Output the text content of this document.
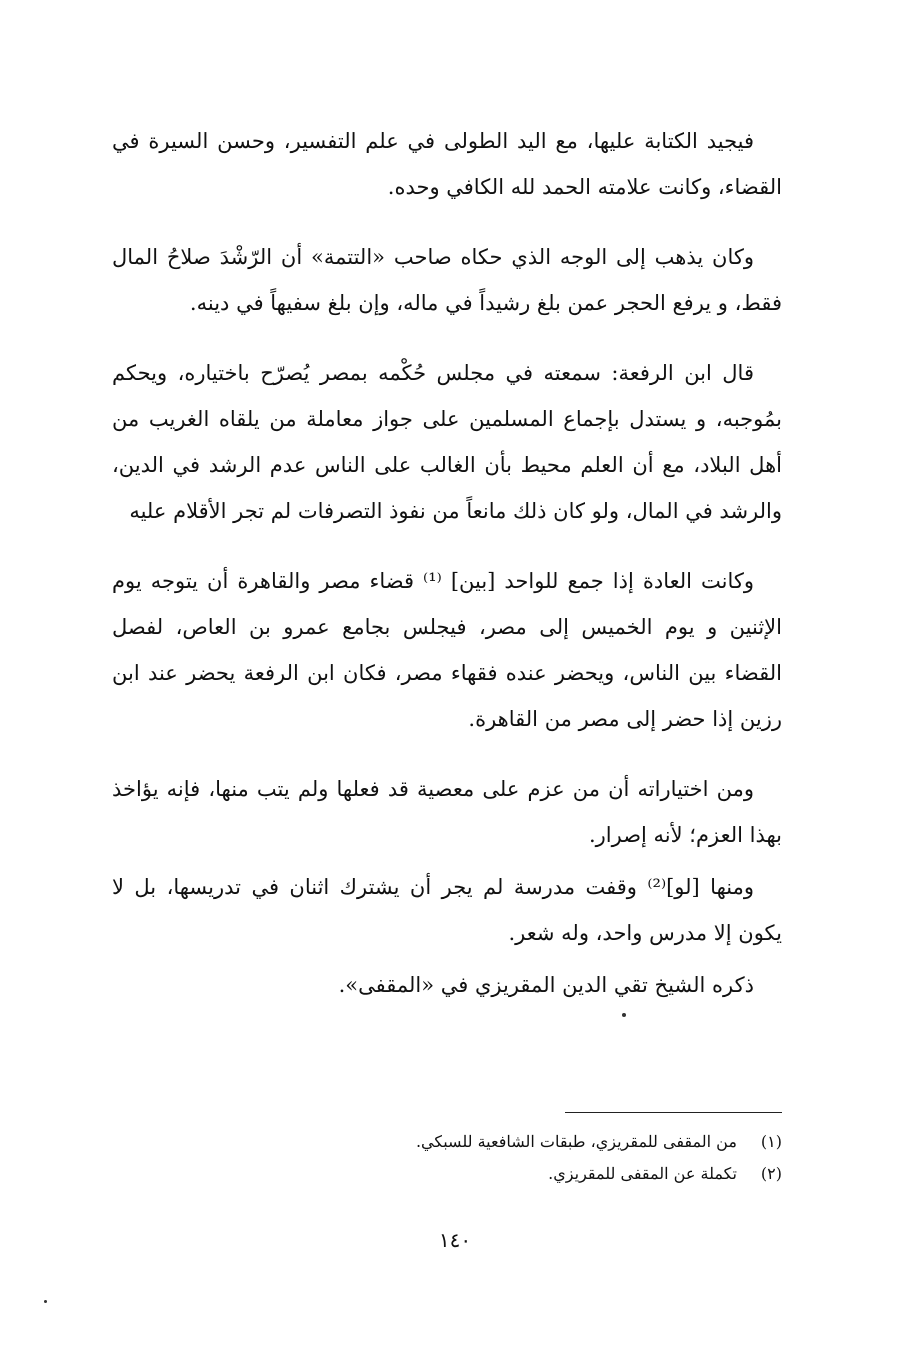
فيجيد الكتابة عليها، مع اليد الطولى في علم التفسير، وحسن السيرة في القضاء، وكانت علامته الحمد لله الكافي وحده.

وكان يذهب إلى الوجه الذي حكاه صاحب «التتمة» أن الرّشْدَ صلاحُ المال فقط، و يرفع الحجر عمن بلغ رشيداً في ماله، وإن بلغ سفيهاً في دينه.

قال ابن الرفعة: سمعته في مجلس حُكْمه بمصر يُصرّح باختياره، ويحكم بمُوجبه، و يستدل بإجماع المسلمين على جواز معاملة من يلقاه الغريب من أهل البلاد، مع أن العلم محيط بأن الغالب على الناس عدم الرشد في الدين، والرشد في المال، ولو كان ذلك مانعاً من نفوذ التصرفات لم تجر الأقلام عليه

وكانت العادة إذا جمع للواحد [بين] ⁽¹⁾ قضاء مصر والقاهرة أن يتوجه يوم الإثنين و يوم الخميس إلى مصر، فيجلس بجامع عمرو بن العاص، لفصل القضاء بين الناس، ويحضر عنده فقهاء مصر، فكان ابن الرفعة يحضر عند ابن رزين إذا حضر إلى مصر من القاهرة.

ومن اختياراته أن من عزم على معصية قد فعلها ولم يتب منها، فإنه يؤاخذ بهذا العزم؛ لأنه إصرار.

ومنها [لو]⁽²⁾ وقفت مدرسة لم يجر أن يشترك اثنان في تدريسها، بل لا يكون إلا مدرس واحد، وله شعر.

ذكره الشيخ تقي الدين المقريزي في «المقفى».

(١) من المقفى للمقريزي، طبقات الشافعية للسبكي.

(٢) تكملة عن المقفى للمقريزي.

١٤٠
